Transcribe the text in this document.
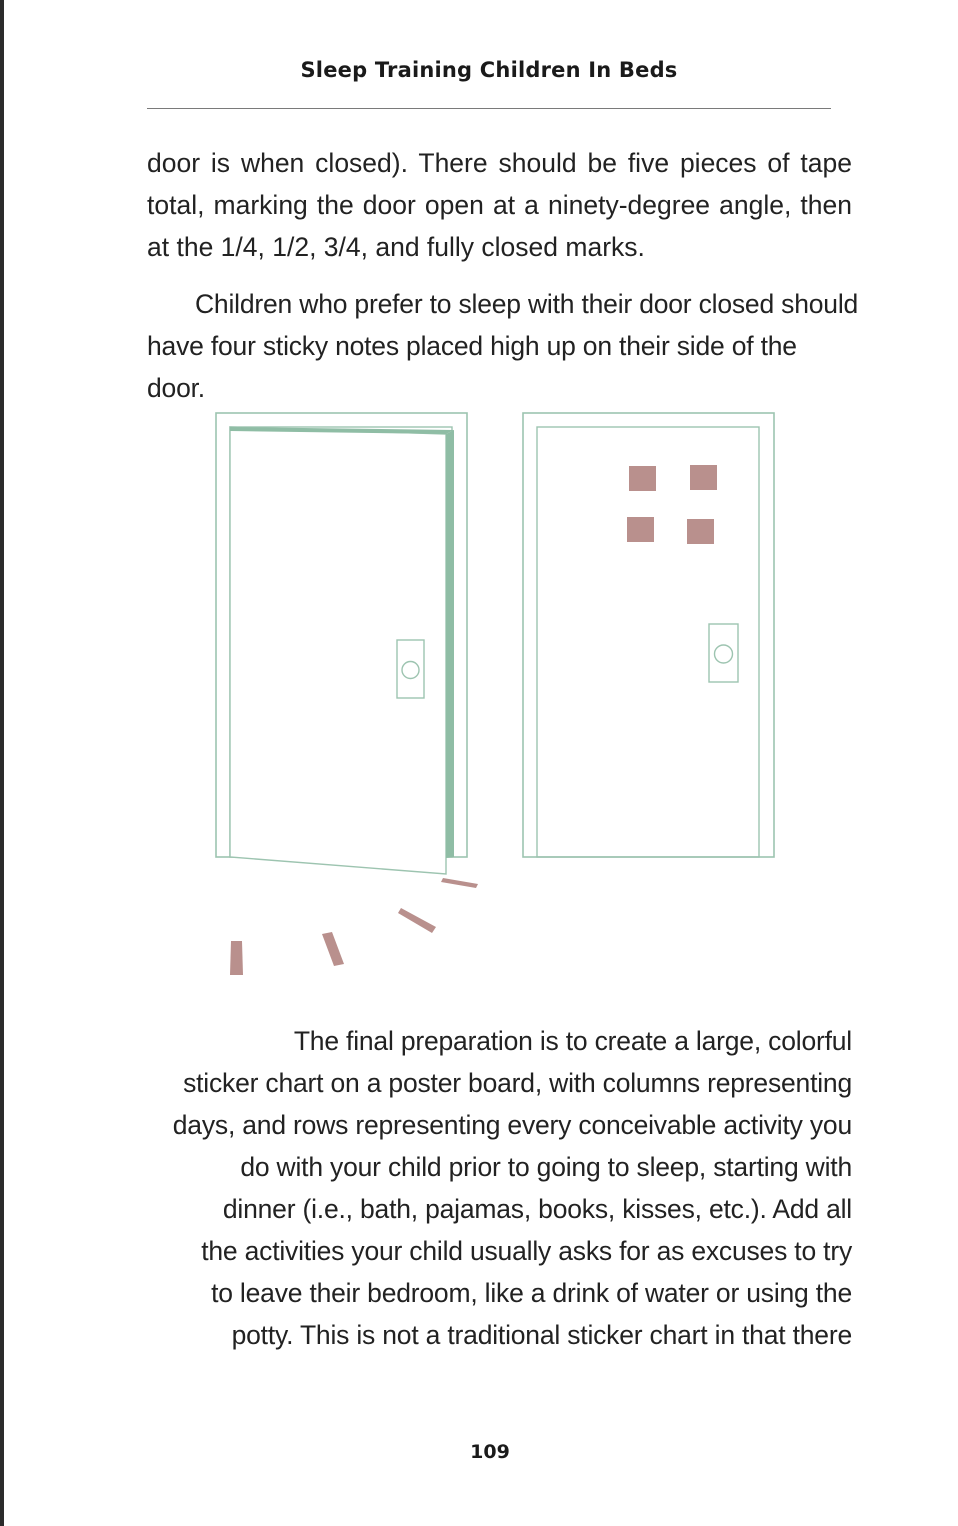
Sleep Training Children In Beds

door is when closed). There should be five pieces of tape total, marking the door open at a ninety-degree angle, then at the 1/4, 1/2, 3/4, and fully closed marks.

Children who prefer to sleep with their door closed should have four sticky notes placed high up on their side of the door.

The final preparation is to create a large, colorful
sticker chart on a poster board, with columns representing
days, and rows representing every conceivable activity you
do with your child prior to going to sleep, starting with
dinner (i.e., bath, pajamas, books, kisses, etc.). Add all
the activities your child usually asks for as excuses to try
to leave their bedroom, like a drink of water or using the
potty. This is not a traditional sticker chart in that there
109
